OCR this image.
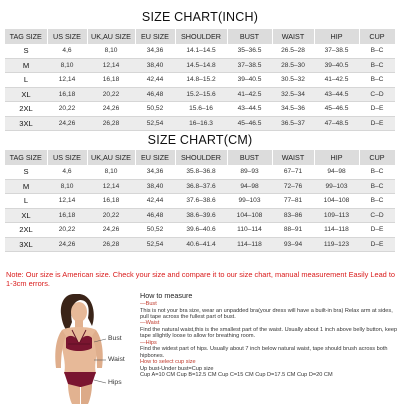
SIZE CHART(INCH)
TAG SIZE	US SIZE	UK,AU SIZE	EU SIZE	SHOULDER	BUST	WAIST	HIP	CUP
S	4,6	8,10	34,36	14.1–14.5	35–36.5	26.5–28	37–38.5	B–C
M	8,10	12,14	38,40	14.5–14.8	37–38.5	28.5–30	39–40.5	B–C
L	12,14	16,18	42,44	14.8–15.2	39–40.5	30.5–32	41–42.5	B–C
XL	16,18	20,22	46,48	15.2–15.6	41–42.5	32.5–34	43–44.5	C–D
2XL	20,22	24,26	50,52	15.6–16	43–44.5	34.5–36	45–46.5	D–E
3XL	24,26	26,28	52,54	16–16.3	45–46.5	36.5–37	47–48.5	D–E
SIZE CHART(CM)
TAG SIZE	US SIZE	UK,AU SIZE	EU SIZE	SHOULDER	BUST	WAIST	HIP	CUP
S	4,6	8,10	34,36	35.8–36.8	89–93	67–71	94–98	B–C
M	8,10	12,14	38,40	36.8–37.6	94–98	72–76	99–103	B–C
L	12,14	16,18	42,44	37.6–38.6	99–103	77–81	104–108	B–C
XL	16,18	20,22	46,48	38.6–39.6	104–108	83–86	109–113	C–D
2XL	20,22	24,26	50,52	39.6–40.6	110–114	88–91	114–118	D–E
3XL	24,26	26,28	52,54	40.6–41.4	114–118	93–94	119–123	D–E
Note: Our size is American size. Check your size and compare it to our size chart, manual measurement Easily Lead to 1-3cm errors.
Bust
Waist
Hips
How to measure
—Bust
This is not your bra size, wear an unpadded bra(your dress will have a built-in bra) Relax arm at sides, pull tape across the fullest part of bust.
—Waist
Find the natural waist,this is the smallest part of the waist. Usually about 1 inch above belly button, keep tape sllightly loose to allow for breathing room.
—Hips
Find the widest part of hips. Usually about 7 inch below natural waist, tape should brush across both hipbones.
How to select cup size
Up bust-Under bust=Cup size
Cup A=10 CM Cup B=12.5 CM Cup C=15 CM Cup D=17.5 CM Cup D=20 CM
